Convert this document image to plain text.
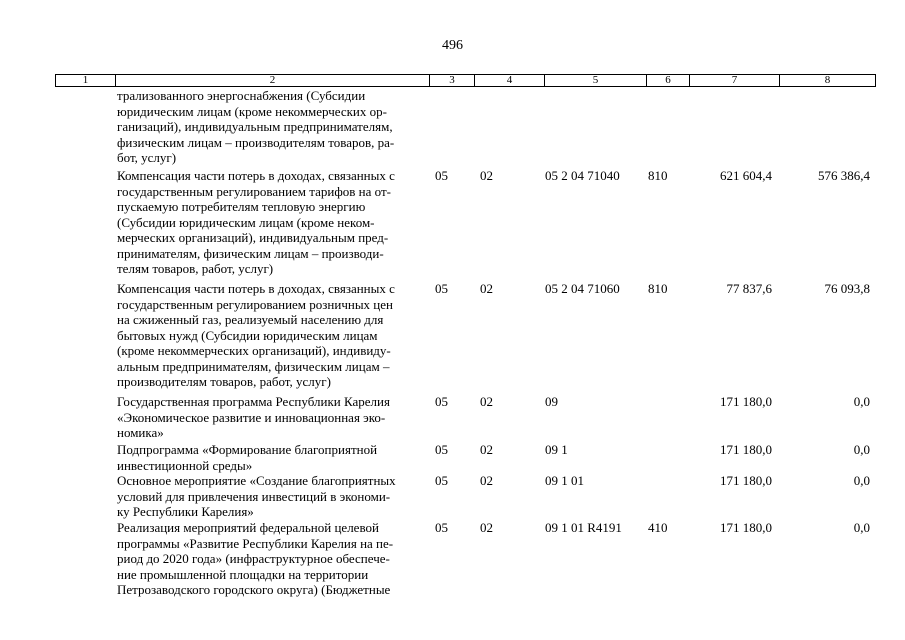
496
1	2	3	4	5	6	7	8
трализованного энергоснабжения (Субсидии
юридическим лицам (кроме некоммерческих ор-
ганизаций), индивидуальным предпринимателям,
физическим лицам – производителям товаров, ра-
бот, услуг)
Компенсация части потерь в доходах, связанных с
государственным регулированием тарифов на от-
пускаемую потребителям тепловую энергию
(Субсидии юридическим лицам (кроме неком-
мерческих организаций), индивидуальным пред-
принимателям, физическим лицам – производи-
телям товаров, работ, услуг)
05 02	05 2 04 71040 810	621 604,4	576 386,4
Компенсация части потерь в доходах, связанных с
государственным регулированием розничных цен
на сжиженный газ, реализуемый населению для
бытовых нужд (Субсидии юридическим лицам
(кроме некоммерческих организаций), индивиду-
альным предпринимателям, физическим лицам –
производителям товаров, работ, услуг)
05 02	05 2 04 71060 810	77 837,6	76 093,8
Государственная программа Республики Карелия
«Экономическое развитие и инновационная эко-
номика»
05 02	09	171 180,0	0,0
Подпрограмма «Формирование благоприятной
инвестиционной среды»
05 02	09 1	171 180,0	0,0
Основное мероприятие «Создание благоприятных
условий для привлечения инвестиций в экономи-
ку Республики Карелия»
05 02	09 1 01	171 180,0	0,0
Реализация мероприятий федеральной целевой
программы «Развитие Республики Карелия на пе-
риод до 2020 года» (инфраструктурное обеспече-
ние промышленной площадки на территории
Петрозаводского городского округа) (Бюджетные
05 02	09 1 01 R4191 410	171 180,0	0,0
